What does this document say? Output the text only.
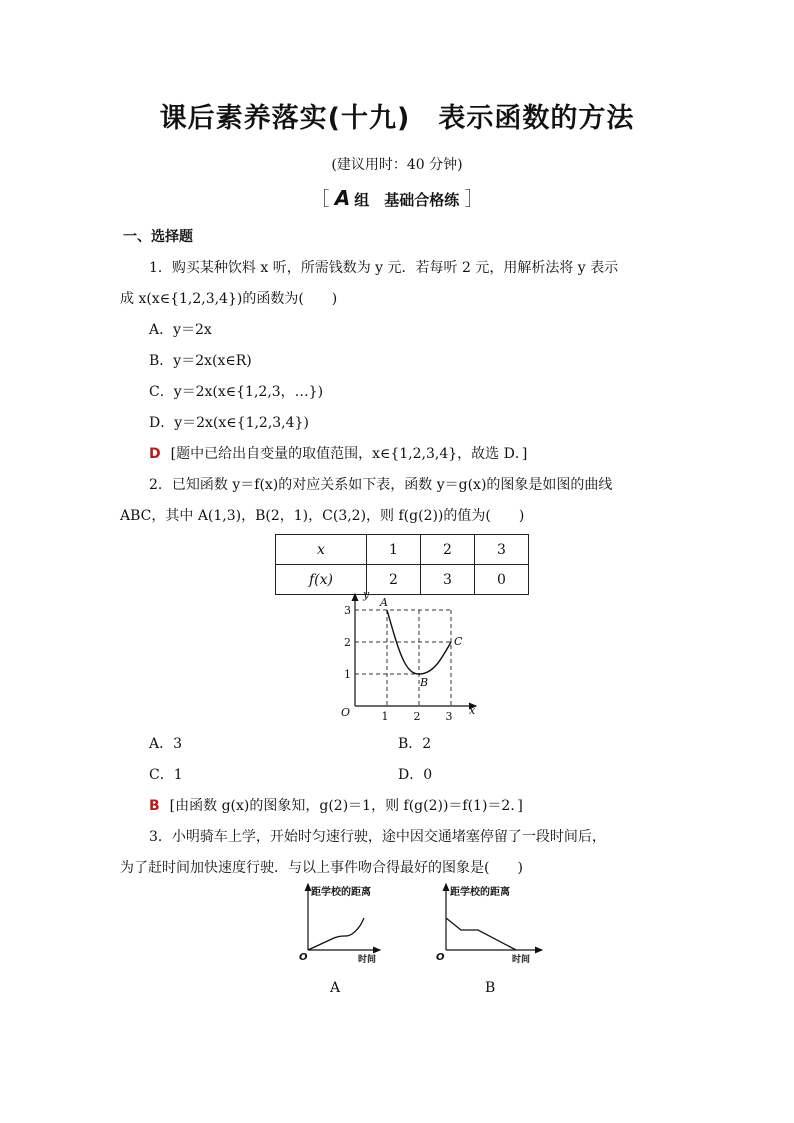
课后素养落实(十九)　表示函数的方法
(建议用时：40 分钟)
［ A 组　基础合格练 ］
一、选择题
1．购买某种饮料 x 听，所需钱数为 y 元．若每听 2 元，用解析法将 y 表示
成 x(x∈{1,2,3,4})的函数为(　　)
A．y＝2x
B．y＝2x(x∈R)
C．y＝2x(x∈{1,2,3，…})
D．y＝2x(x∈{1,2,3,4})
D [题中已给出自变量的取值范围，x∈{1,2,3,4}，故选 D．]
2．已知函数 y＝f(x)的对应关系如下表，函数 y＝g(x)的图象是如图的曲线
ABC，其中 A(1,3)，B(2，1)，C(3,2)，则 f(g(2))的值为(　　)
x	1	2	3
f(x)	2	3	0
O	1 2 3
1
2
3
y
x
A
B
C
A．3	B．2
C．1	D．0
B [由函数 g(x)的图象知，g(2)＝1，则 f(g(2))＝f(1)＝2．]
3．小明骑车上学，开始时匀速行驶，途中因交通堵塞停留了一段时间后，
为了赶时间加快速度行驶．与以上事件吻合得最好的图象是(　　)
距学校的距离
时间
O
距学校的距离
时间
O
A	B
